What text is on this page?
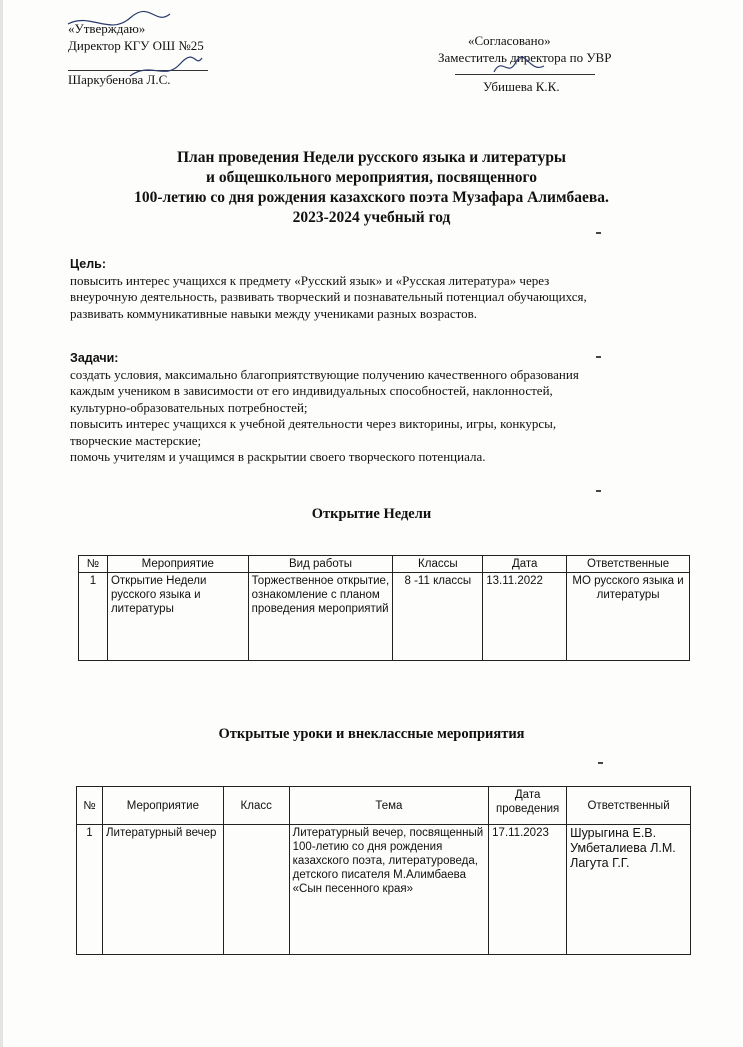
«Утверждаю»
Директор КГУ ОШ №25
Шаркубенова Л.С.
«Согласовано»
Заместитель директора по УВР
Убишева К.К.
План проведения Недели русского языка и литературы
и общешкольного мероприятия, посвященного
100-летию со дня рождения казахского поэта Музафара Алимбаева.
2023-2024 учебный год
Цель:
повысить интерес учащихся к предмету «Русский язык» и «Русская литература» через
внеурочную деятельность, развивать творческий и познавательный потенциал обучающихся,
развивать коммуникативные навыки между учениками разных возрастов.
Задачи:
создать условия, максимально благоприятствующие получению качественного образования
каждым учеником в зависимости от его индивидуальных способностей, наклонностей,
культурно-образовательных потребностей;
повысить интерес учащихся к учебной деятельности через викторины, игры, конкурсы,
творческие мастерские;
помочь учителям и учащимся в раскрытии своего творческого потенциала.
Открытие Недели
№	Мероприятие	Вид работы	Классы	Дата	Ответственные
1	Открытие Недели русского языка и литературы	Торжественное открытие, ознакомление с планом проведения мероприятий	8 -11 классы	13.11.2022	МО русского языка и литературы
Открытые уроки и внеклассные мероприятия
№	Мероприятие	Класс	Тема	Дата проведения	Ответственный
1	Литературный вечер		Литературный вечер, посвященный 100-летию со дня рождения казахского поэта, литературоведа, детского писателя М.Алимбаева «Сын песенного края»	17.11.2023	Шурыгина Е.В.
Умбеталиева Л.М.
Лагута Г.Г.
